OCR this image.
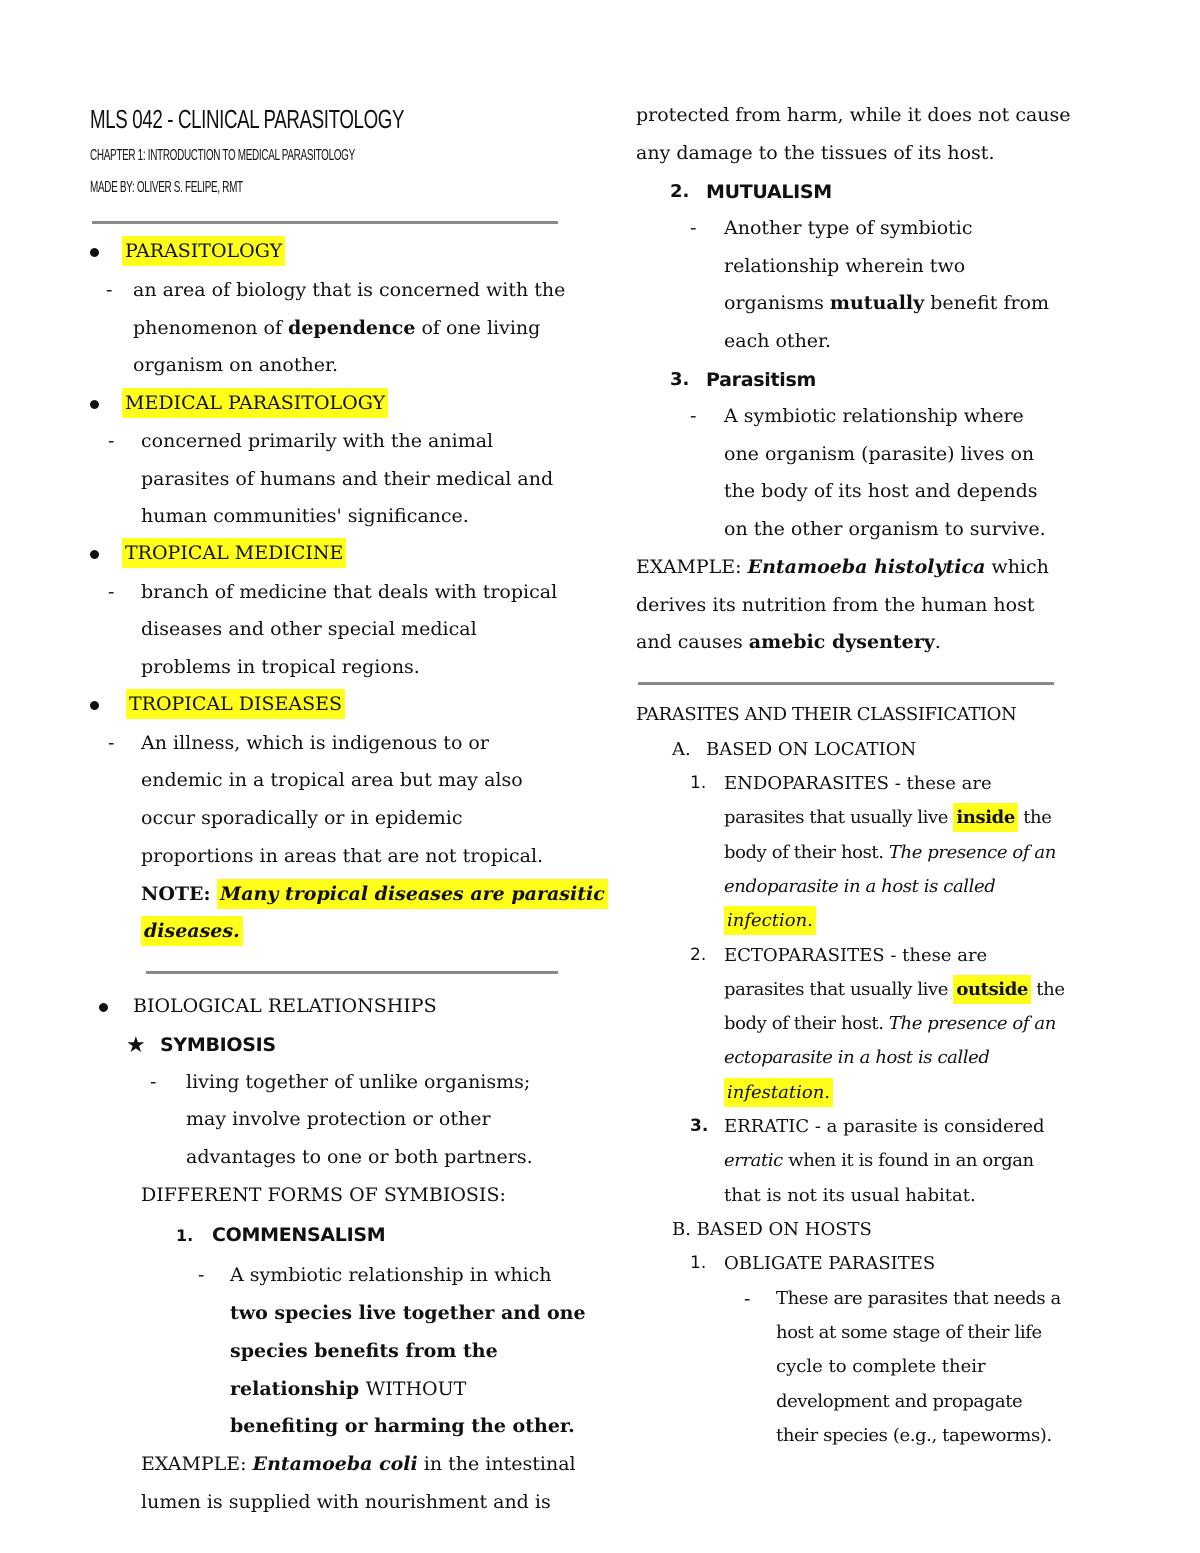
MLS 042 - CLINICAL PARASITOLOGY
CHAPTER 1: INTRODUCTION TO MEDICAL PARASITOLOGY
MADE BY: OLIVER S. FELIPE, RMT
PARASITOLOGY
- an area of biology that is concerned with the
phenomenon of dependence of one living
organism on another.
MEDICAL PARASITOLOGY
- concerned primarily with the animal
parasites of humans and their medical and
human communities' significance.
TROPICAL MEDICINE
- branch of medicine that deals with tropical
diseases and other special medical
problems in tropical regions.
TROPICAL DISEASES
- An illness, which is indigenous to or
endemic in a tropical area but may also
occur sporadically or in epidemic
proportions in areas that are not tropical.
NOTE: Many tropical diseases are parasitic
diseases.
BIOLOGICAL RELATIONSHIPS
★ SYMBIOSIS
- living together of unlike organisms;
may involve protection or other
advantages to one or both partners.
DIFFERENT FORMS OF SYMBIOSIS:
1. COMMENSALISM
- A symbiotic relationship in which
two species live together and one
species benefits from the
relationship WITHOUT
benefiting or harming the other.
EXAMPLE: Entamoeba coli in the intestinal
lumen is supplied with nourishment and is
protected from harm, while it does not cause
any damage to the tissues of its host.
2. MUTUALISM
- Another type of symbiotic
relationship wherein two
organisms mutually benefit from
each other.
3. Parasitism
- A symbiotic relationship where
one organism (parasite) lives on
the body of its host and depends
on the other organism to survive.
EXAMPLE: Entamoeba histolytica which
derives its nutrition from the human host
and causes amebic dysentery.
PARASITES AND THEIR CLASSIFICATION
A. BASED ON LOCATION
1. ENDOPARASITES - these are
parasites that usually live inside the
body of their host. The presence of an
endoparasite in a host is called
infection.
2. ECTOPARASITES - these are
parasites that usually live outside the
body of their host. The presence of an
ectoparasite in a host is called
infestation.
3. ERRATIC - a parasite is considered
erratic when it is found in an organ
that is not its usual habitat.
B. BASED ON HOSTS
1. OBLIGATE PARASITES
- These are parasites that needs a
host at some stage of their life
cycle to complete their
development and propagate
their species (e.g., tapeworms).
